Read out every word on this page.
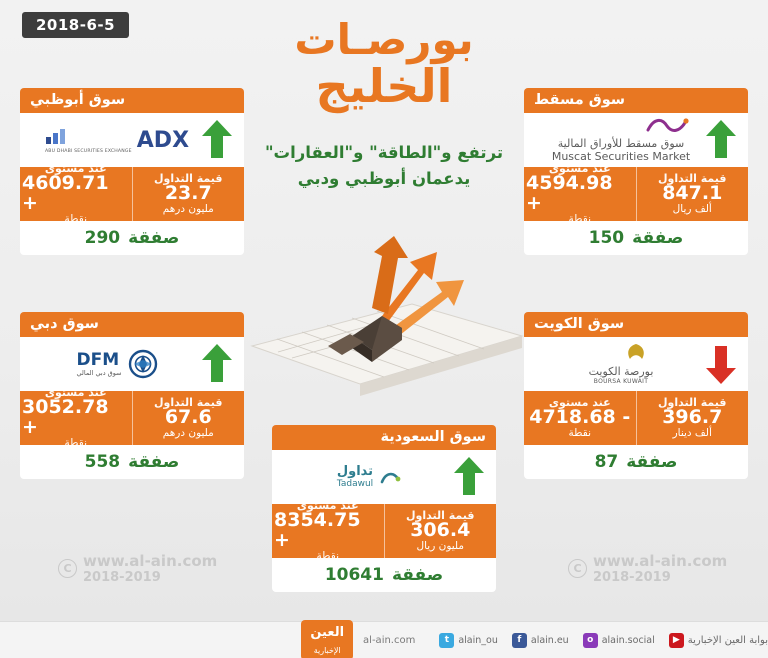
2018-6-5	بورصـات
الخليج
ترتفع و"الطاقة" و"العقارات"
يدعمان أبوظبي ودبي
سوق مسقط
سوق مسقط للأوراق المالية
Muscat Securities Market
قيمة التداول
847.1
ألف ريال
عند مستوى
4594.98 +
نقطة
صفقة
150
سوق أبوظبي
ADX
ABU DHABI SECURITIES EXCHANGE
قيمة التداول
23.7
مليون درهم
عند مستوى
4609.71 +
نقطة
صفقة
290
سوق الكويت
بورصة الكويت
BOURSA KUWAIT
قيمة التداول
396.7
ألف دينار
عند مستوى
4718.68 -
نقطة
صفقة
87
سوق دبي
DFM
سوق دبي المالي
قيمة التداول
67.6
مليون درهم
عند مستوى
3052.78 +
نقطة
صفقة
558
سوق السعودية
تداول
Tadawul
قيمة التداول
306.4
مليون ريال
عند مستوى
8354.75 +
نقطة
صفقة
10641
C www.al-ain.com
2018-2019
C www.al-ain.com
2018-2019
t alain_ou	f	alain.eu	o alain.social	▶ بوابة العين الإخبارية
al-ain.com
العين
الإخبارية
